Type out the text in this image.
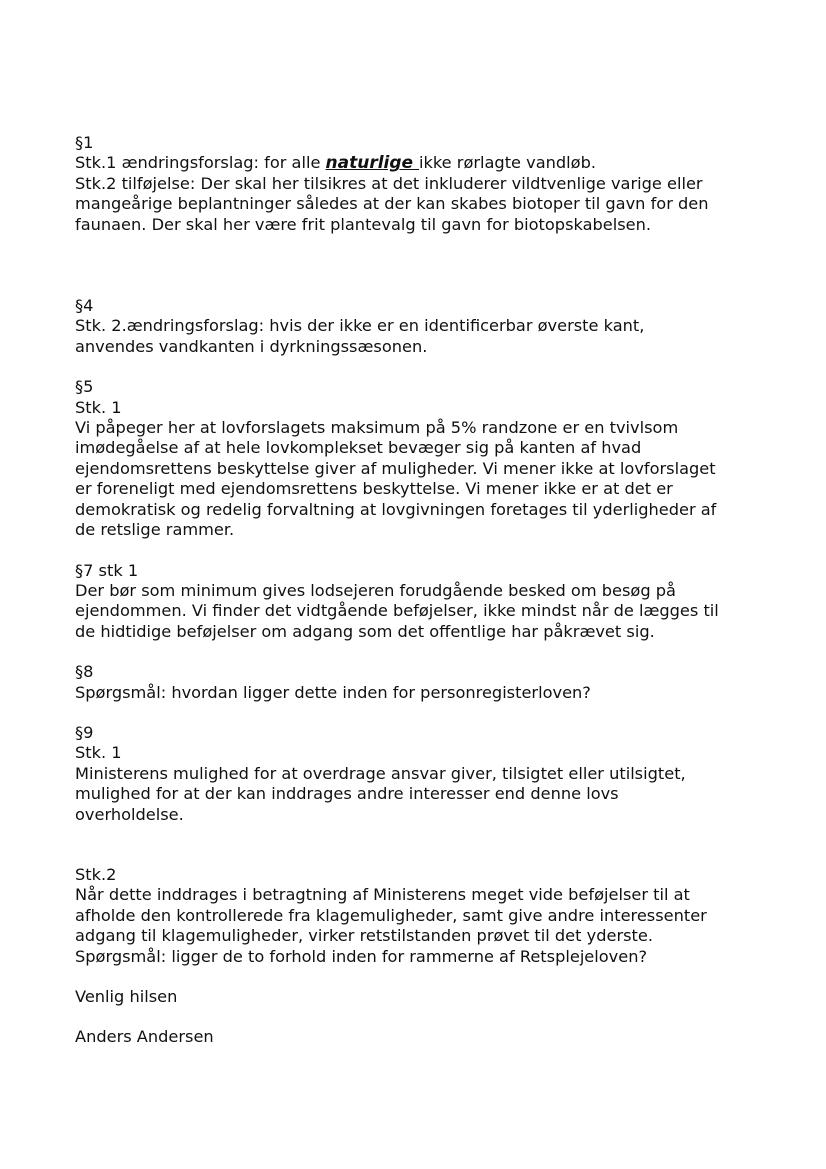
§1
Stk.1 ændringsforslag: for alle naturlige ikke rørlagte vandløb.
Stk.2 tilføjelse: Der skal her tilsikres at det inkluderer vildtvenlige varige eller
mangeårige beplantninger således at der kan skabes biotoper til gavn for den
faunaen. Der skal her være frit plantevalg til gavn for biotopskabelsen.
§4
Stk. 2.ændringsforslag: hvis der ikke er en identificerbar øverste kant,
anvendes vandkanten i dyrkningssæsonen.
§5
Stk. 1
Vi påpeger her at lovforslagets maksimum på 5% randzone er en tvivlsom
imødegåelse af at hele lovkomplekset bevæger sig på kanten af hvad
ejendomsrettens beskyttelse giver af muligheder. Vi mener ikke at lovforslaget
er foreneligt med ejendomsrettens beskyttelse. Vi mener ikke er at det er
demokratisk og redelig forvaltning at lovgivningen foretages til yderligheder af
de retslige rammer.
§7 stk 1
Der bør som minimum gives lodsejeren forudgående besked om besøg på
ejendommen. Vi finder det vidtgående beføjelser, ikke mindst når de lægges til
de hidtidige beføjelser om adgang som det offentlige har påkrævet sig.
§8
Spørgsmål: hvordan ligger dette inden for personregisterloven?
§9
Stk. 1
Ministerens mulighed for at overdrage ansvar giver, tilsigtet eller utilsigtet,
mulighed for at der kan inddrages andre interesser end denne lovs
overholdelse.
Stk.2
Når dette inddrages i betragtning af Ministerens meget vide beføjelser til at
afholde den kontrollerede fra klagemuligheder, samt give andre interessenter
adgang til klagemuligheder, virker retstilstanden prøvet til det yderste.
Spørgsmål: ligger de to forhold inden for rammerne af Retsplejeloven?
Venlig hilsen
Anders Andersen
